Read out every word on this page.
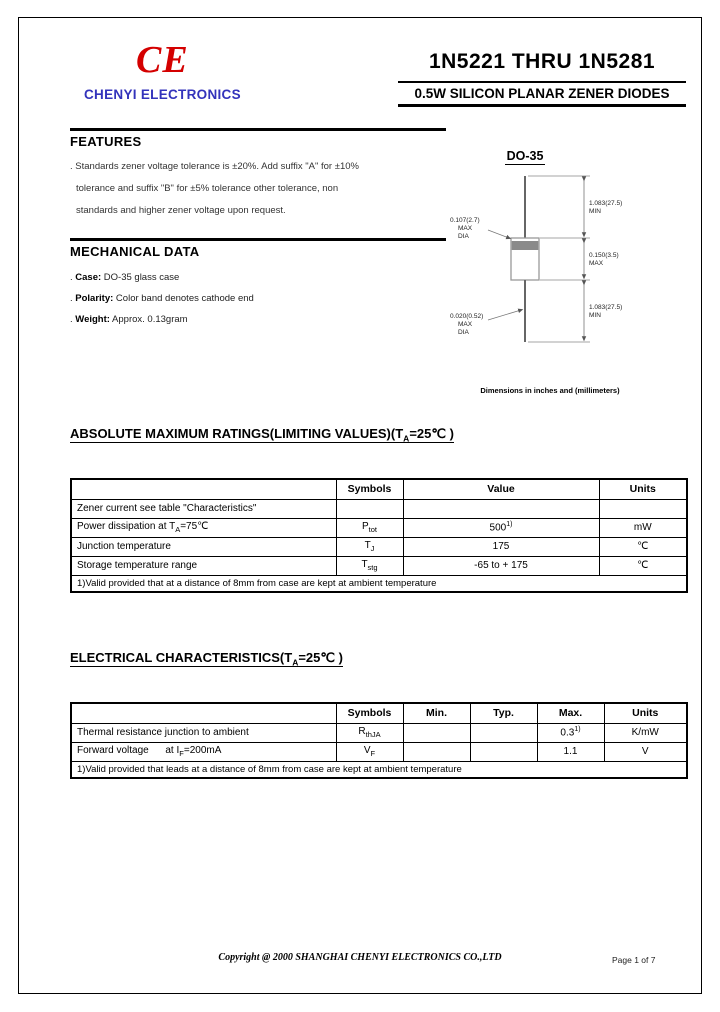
CE
CHENYI ELECTRONICS
1N5221 THRU 1N5281
0.5W SILICON PLANAR ZENER DIODES
FEATURES
. Standards zener voltage tolerance is ±20%. Add suffix "A" for ±10%
tolerance and suffix "B" for ±5% tolerance other tolerance, non
standards and higher zener voltage upon request.
DO-35
1.083(27.5)
MIN
0.150(3.5)
MAX
1.083(27.5)
MIN
0.107(2.7)
MAX
DIA
0.020(0.52)
MAX
DIA
Dimensions in inches and (millimeters)
MECHANICAL DATA
. Case: DO-35 glass case
. Polarity: Color band denotes cathode end
. Weight: Approx. 0.13gram
ABSOLUTE MAXIMUM RATINGS(LIMITING $VALUES)(T_A=25℃$ )
	Symbols	Value	Units
Zener current see table "Characteristics"			
Power dissipation at $T_A=75℃$	$P_{tot}$	500$^{1)}$	mW
Junction temperature	$T_J$	175	℃
Storage temperature range	$T_{stg}$	-65 to + 175	℃
1)Valid provided that at a distance of 8mm from case are kept at ambient temperature			
ELECTRICAL $CHARACTERISTICS(T_A=25℃$ )
	Symbols	Min.	Typ.	Max.	Units
Thermal resistance junction to ambient	$R_{thJA}$			0.3$^{1)}$	K/mW
Forward voltage      at $I_F=200mA$	$V_F$			1.1	V
1)Valid provided that leads at a distance of 8mm from case are kept at ambient temperature					
Copyright @ 2000 SHANGHAI CHENYI ELECTRONICS CO.,LTD	Page 1 of 7
